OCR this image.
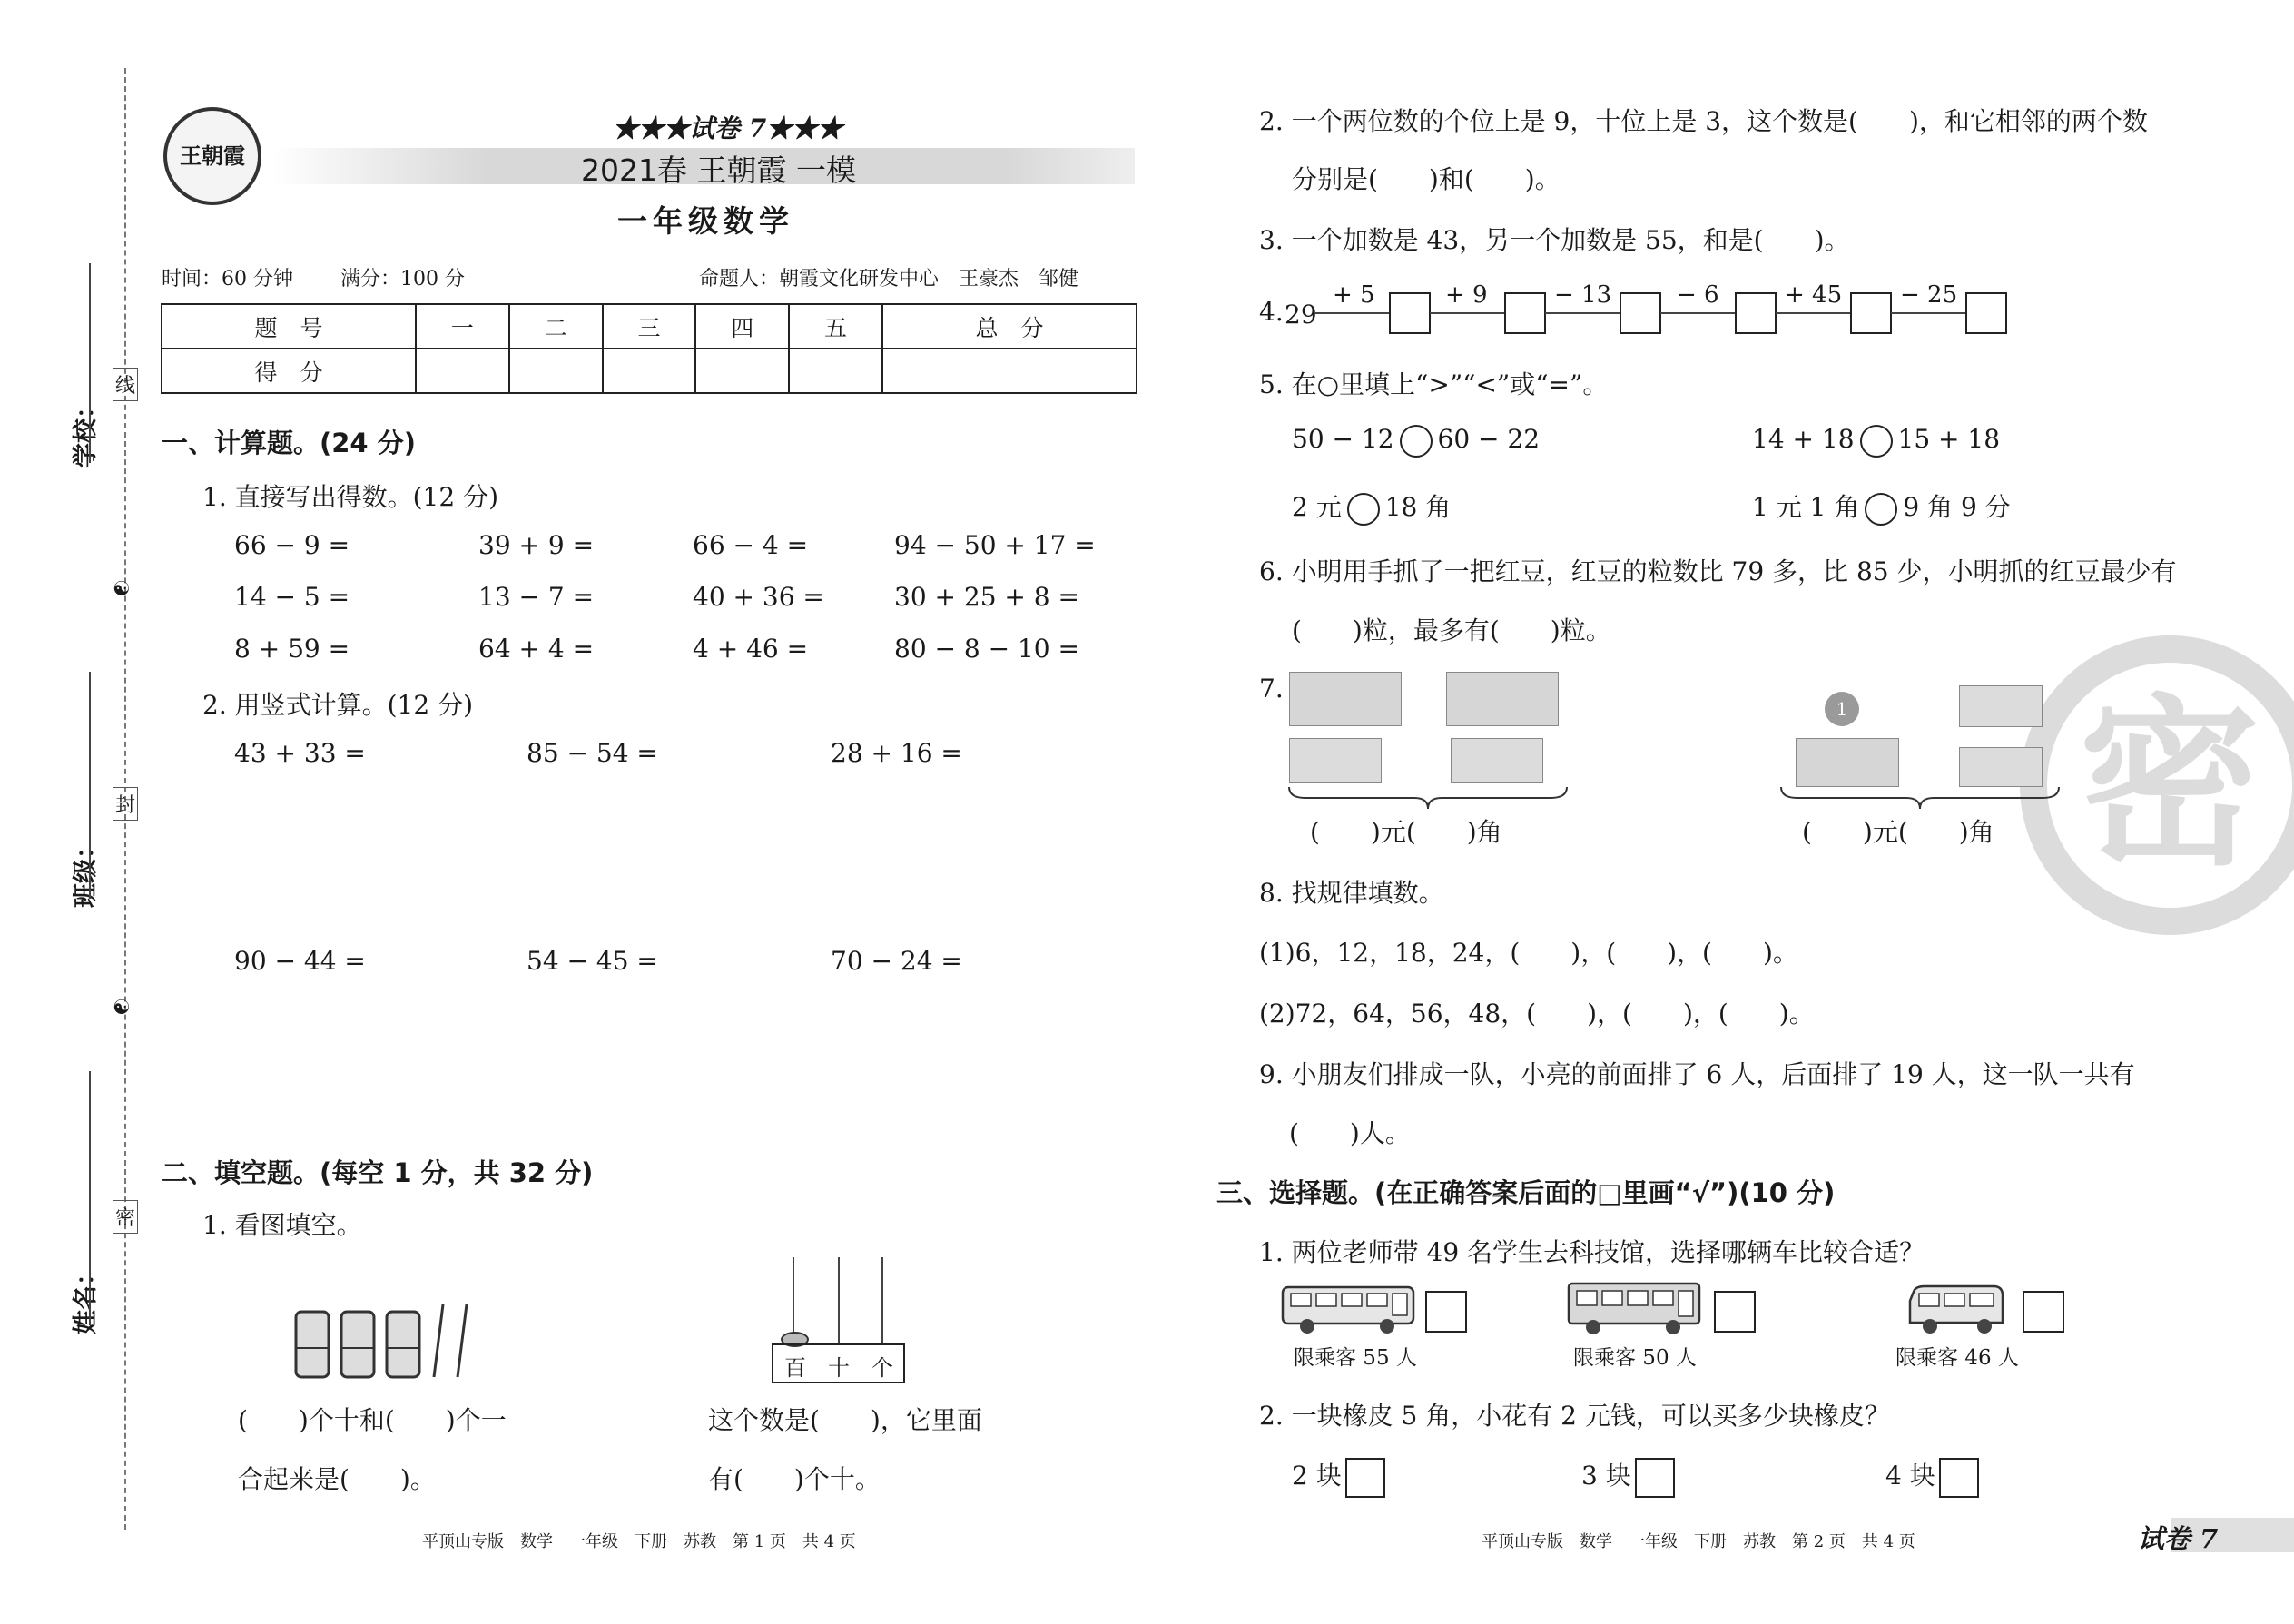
学校：
线
☯
班级：
封
☯
姓名：
密
王朝霞
★★★试卷 7★★★
2021春 王朝霞 一模
一年级数学
时间：60 分钟 满分：100 分	命题人：朝霞文化研发中心　王豪杰　邹健
题　号	一	二	三	四	五	总　分
得　分						
一、计算题。(24 分)
1. 直接写出得数。(12 分)
66 − 9 =	39 + 9 =	66 − 4 =	94 − 50 + 17 =
14 − 5 =	13 − 7 =	40 + 36 =	30 + 25 + 8 =
8 + 59 =	64 + 4 =	4 + 46 =	80 − 8 − 10 =
2. 用竖式计算。(12 分)
43 + 33 =	85 − 54 =	28 + 16 =
90 − 44 =	54 − 45 =	70 − 24 =
二、填空题。(每空 1 分，共 32 分)
1. 看图填空。
(　　)个十和(　　)个一
合起来是(　　)。
百 十 个
这个数是(　　)，它里面
有(　　)个十。
平顶山专版　数学　一年级　下册　苏教　第 1 页　共 4 页
密
2. 一个两位数的个位上是 9，十位上是 3，这个数是(　　)，和它相邻的两个数
分别是(　　)和(　　)。
3. 一个加数是 43，另一个加数是 55，和是(　　)。
4. 29
+ 5	+ 9	− 13	− 6	+ 45 − 25
5. 在○里填上“>”“<”或“=”。
50 − 12 60 − 22	14 + 18 15 + 18
2 元 18 角	1 元 1 角 9 角 9 分
6. 小明用手抓了一把红豆，红豆的粒数比 79 多，比 85 少，小明抓的红豆最少有
(　　)粒，最多有(　　)粒。
7.
(　　)元(　　)角
1
(　　)元(　　)角
8. 找规律填数。
(1)6，12，18，24，(　　)，(　　)，(　　)。
(2)72，64，56，48，(　　)，(　　)，(　　)。
9. 小朋友们排成一队，小亮的前面排了 6 人，后面排了 19 人，这一队一共有
(　　)人。
三、选择题。(在正确答案后面的□里画“√”)(10 分)
1. 两位老师带 49 名学生去科技馆，选择哪辆车比较合适？
限乘客 55 人	限乘客 50 人	限乘客 46 人
2. 一块橡皮 5 角，小花有 2 元钱，可以买多少块橡皮？
2 块	3 块	4 块
平顶山专版　数学　一年级　下册　苏教　第 2 页　共 4 页	试卷 7
